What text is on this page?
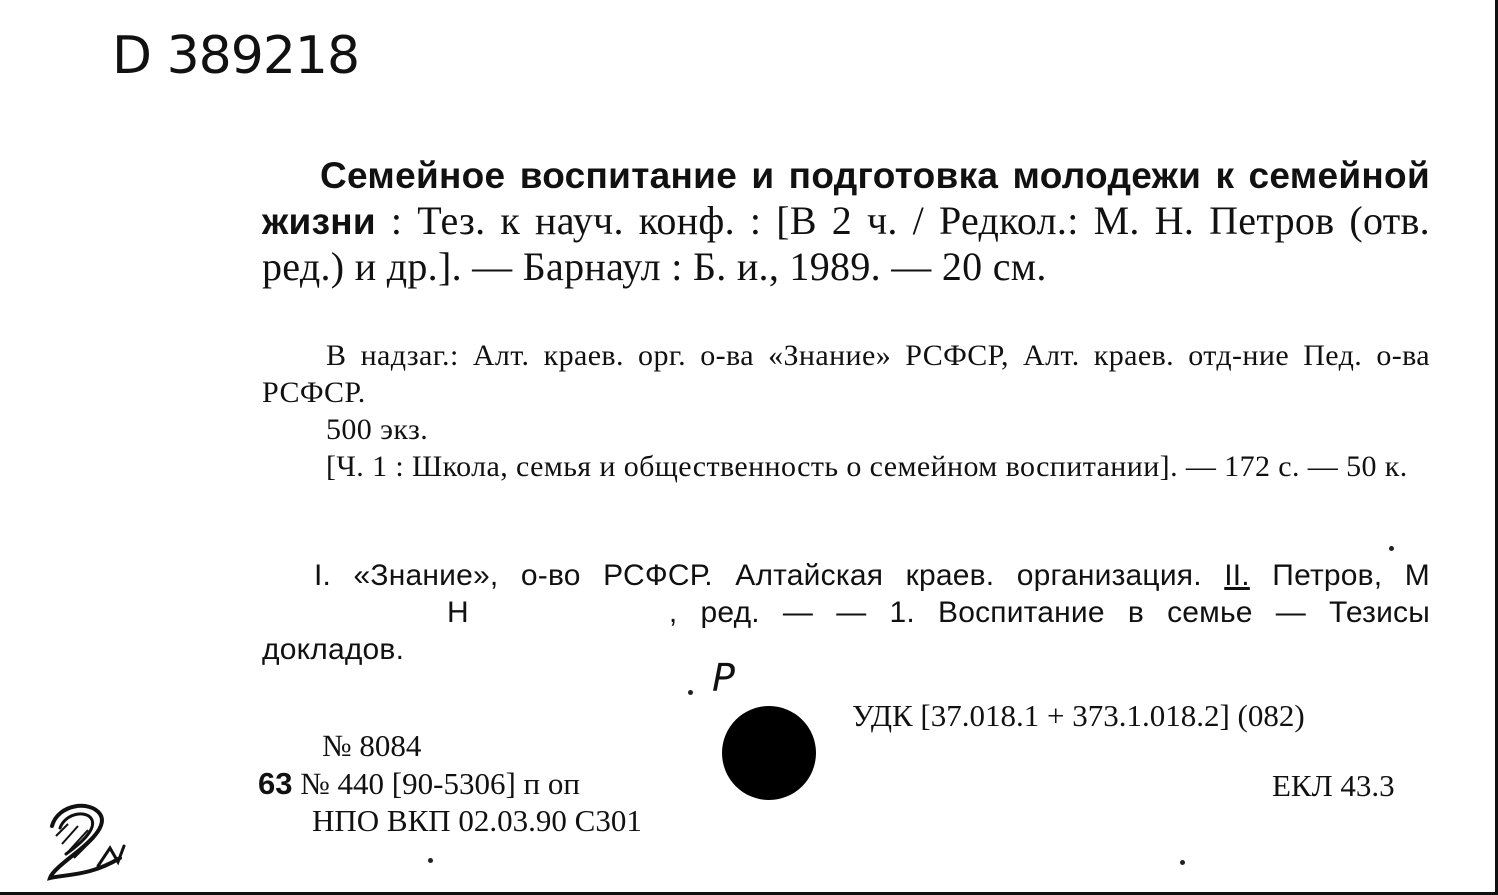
D 389218

Семейное воспитание и подготовка молодежи к семейной жизни : Тез. к науч. конф. : [В 2 ч. / Редкол.: М. Н. Петров (отв. ред.) и др.]. — Барнаул : Б. и., 1989. — 20 см.

В надзаг.: Алт. краев. орг. о-ва «Знание» РСФСР, Алт. краев. отд-ние Пед. о-ва РСФСР.

500 экз.

[Ч. 1 : Школа, семья и общественность о семейном воспитании]. — 172 с. — 50 к.

I. «Знание», о-во РСФСР. Алтайская краев. организация. II. Петров, МН	, ред. — — 1. Воспитание в семье — Тезисы докладов.

P
УДК [37.018.1 + 373.1.018.2] (082)
ЕКЛ 43.3
№ 8084
63 № 440 [90-5306] п оп
НПО ВКП 02.03.90 С301
